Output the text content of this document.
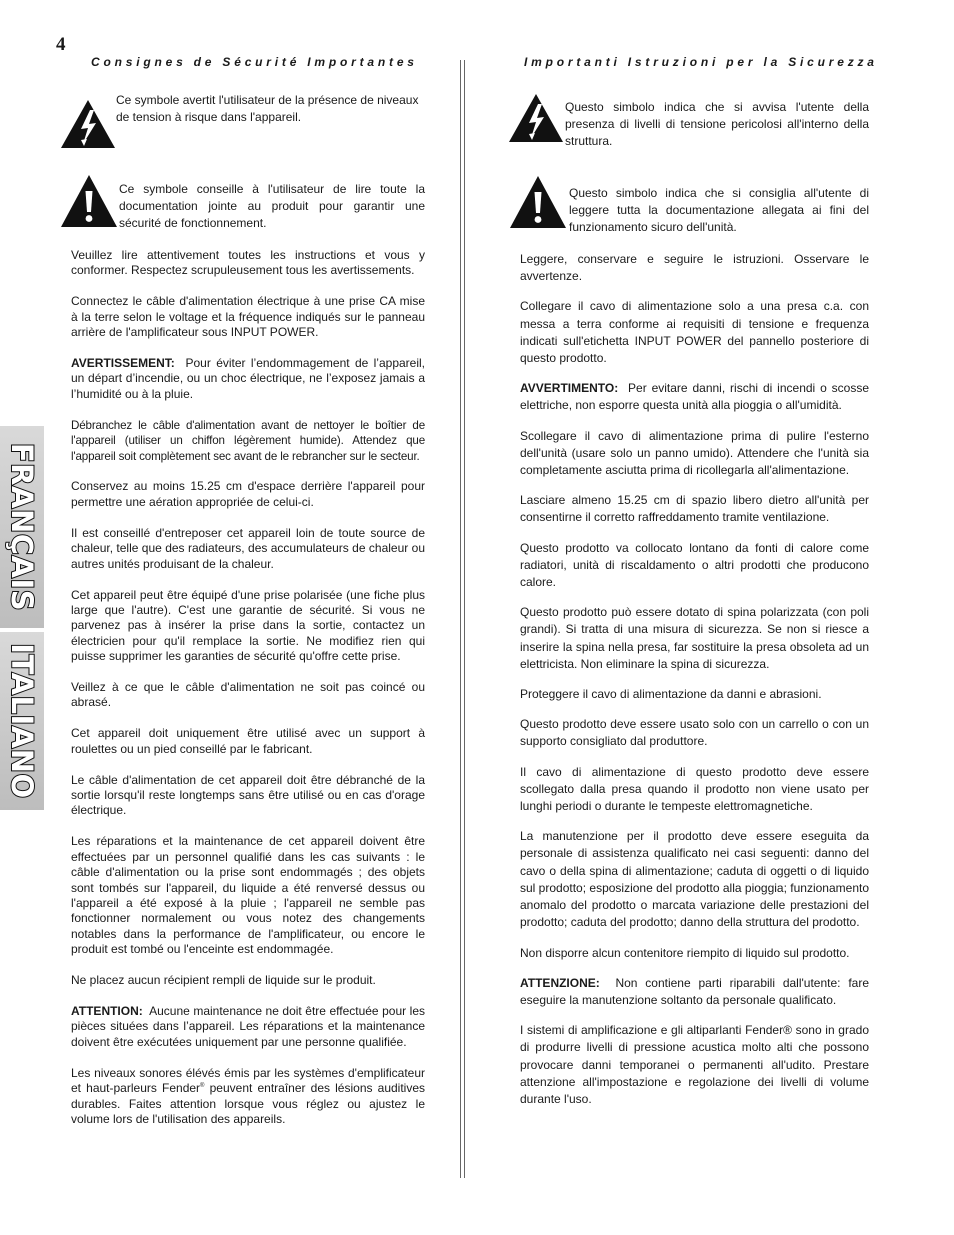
4
FRANÇAIS
ITALIANO
Consignes de Sécurité Importantes
Ce symbole avertit l'utilisateur de la présence de niveaux de tension à risque dans l'appareil.
Ce symbole conseille à l'utilisateur de lire toute la documentation jointe au produit pour garantir une sécurité de fonctionnement.

Veuillez lire attentivement toutes les instructions et vous y conformer. Respectez scrupuleusement tous les avertissements.

Connectez le câble d'alimentation électrique à une prise CA mise à la terre selon le voltage et la fréquence indiqués sur le panneau arrière de l'amplificateur sous INPUT POWER.

AVERTISSEMENT: Pour éviter l’endommagement de l’appareil, un départ d’incendie, ou un choc électrique, ne l’exposez jamais a l’humidité ou à la pluie.

Débranchez le câble d'alimentation avant de nettoyer le boîtier de l'appareil (utiliser un chiffon légèrement humide). Attendez que l'appareil soit complètement sec avant de le rebrancher sur le secteur.

Conservez au moins 15.25 cm d'espace derrière l'appareil pour permettre une aération appropriée de celui-ci.

Il est conseillé d'entreposer cet appareil loin de toute source de chaleur, telle que des radiateurs, des accumulateurs de chaleur ou autres unités produisant de la chaleur.

Cet appareil peut être équipé d'une prise polarisée (une fiche plus large que l'autre). C'est une garantie de sécurité. Si vous ne parvenez pas à insérer la prise dans la sortie, contactez un électricien pour qu'il remplace la sortie. Ne modifiez rien qui puisse supprimer les garanties de sécurité qu'offre cette prise.

Veillez à ce que le câble d'alimentation ne soit pas coincé ou abrasé.

Cet appareil doit uniquement être utilisé avec un support à roulettes ou un pied conseillé par le fabricant.

Le câble d'alimentation de cet appareil doit être débranché de la sortie lorsqu'il reste longtemps sans être utilisé ou en cas d'orage électrique.

Les réparations et la maintenance de cet appareil doivent être effectuées par un personnel qualifié dans les cas suivants : le câble d'alimentation ou la prise sont endommagés ; des objets sont tombés sur l'appareil, du liquide a été renversé dessus ou l'appareil a été exposé à la pluie ; l'appareil ne semble pas fonctionner normalement ou vous notez des changements notables dans la performance de l'amplificateur, ou encore le produit est tombé ou l'enceinte est endommagée.

Ne placez aucun récipient rempli de liquide sur le produit.

ATTENTION: Aucune maintenance ne doit être effectuée pour les pièces situées dans l’appareil. Les réparations et la maintenance doivent être exécutées uniquement par une personne qualifiée.

Les niveaux sonores élévés émis par les systèmes d'emplificateur et haut-parleurs Fender® peuvent entraîner des lésions auditives durables. Faites attention lorsque vous réglez ou ajustez le volume lors de l'utilisation des appareils.

Importanti Istruzioni per la Sicurezza
Questo simbolo indica che si avvisa l'utente della presenza di livelli di tensione pericolosi all'interno della struttura.
Questo simbolo indica che si consiglia all'utente di leggere tutta la documentazione allegata ai fini del funzionamento sicuro dell'unità.

Leggere, conservare e seguire le istruzioni. Osservare le avvertenze.

Collegare il cavo di alimentazione solo a una presa c.a. con messa a terra conforme ai requisiti di tensione e frequenza indicati sull'etichetta INPUT POWER del pannello posteriore di questo prodotto.

AVVERTIMENTO: Per evitare danni, rischi di incendi o scosse elettriche, non esporre questa unità alla pioggia o all'umidità.

Scollegare il cavo di alimentazione prima di pulire l'esterno dell'unità (usare solo un panno umido). Attendere che l'unità sia completamente asciutta prima di ricollegarla all'alimentazione.

Lasciare almeno 15.25 cm di spazio libero dietro all'unità per consentirne il corretto raffreddamento tramite ventilazione.

Questo prodotto va collocato lontano da fonti di calore come radiatori, unità di riscaldamento o altri prodotti che producono calore.

Questo prodotto può essere dotato di spina polarizzata (con poli grandi). Si tratta di una misura di sicurezza. Se non si riesce a inserire la spina nella presa, far sostituire la presa obsoleta ad un elettricista. Non eliminare la spina di sicurezza.

Proteggere il cavo di alimentazione da danni e abrasioni.

Questo prodotto deve essere usato solo con un carrello o con un supporto consigliato dal produttore.

Il cavo di alimentazione di questo prodotto deve essere scollegato dalla presa quando il prodotto non viene usato per lunghi periodi o durante le tempeste elettromagnetiche.

La manutenzione per il prodotto deve essere eseguita da personale di assistenza qualificato nei casi seguenti: danno del cavo o della spina di alimentazione; caduta di oggetti o di liquido sul prodotto; esposizione del prodotto alla pioggia; funzionamento anomalo del prodotto o marcata variazione delle prestazioni del prodotto; caduta del prodotto; danno della struttura del prodotto.

Non disporre alcun contenitore riempito di liquido sul prodotto.

ATTENZIONE: Non contiene parti riparabili dall'utente: fare eseguire la manutenzione soltanto da personale qualificato.

I sistemi di amplificazione e gli altiparlanti Fender® sono in grado di produrre livelli di pressione acustica molto alti che possono provocare danni temporanei o permanenti all'udito. Prestare attenzione all'impostazione e regolazione dei livelli di volume durante l'uso.
